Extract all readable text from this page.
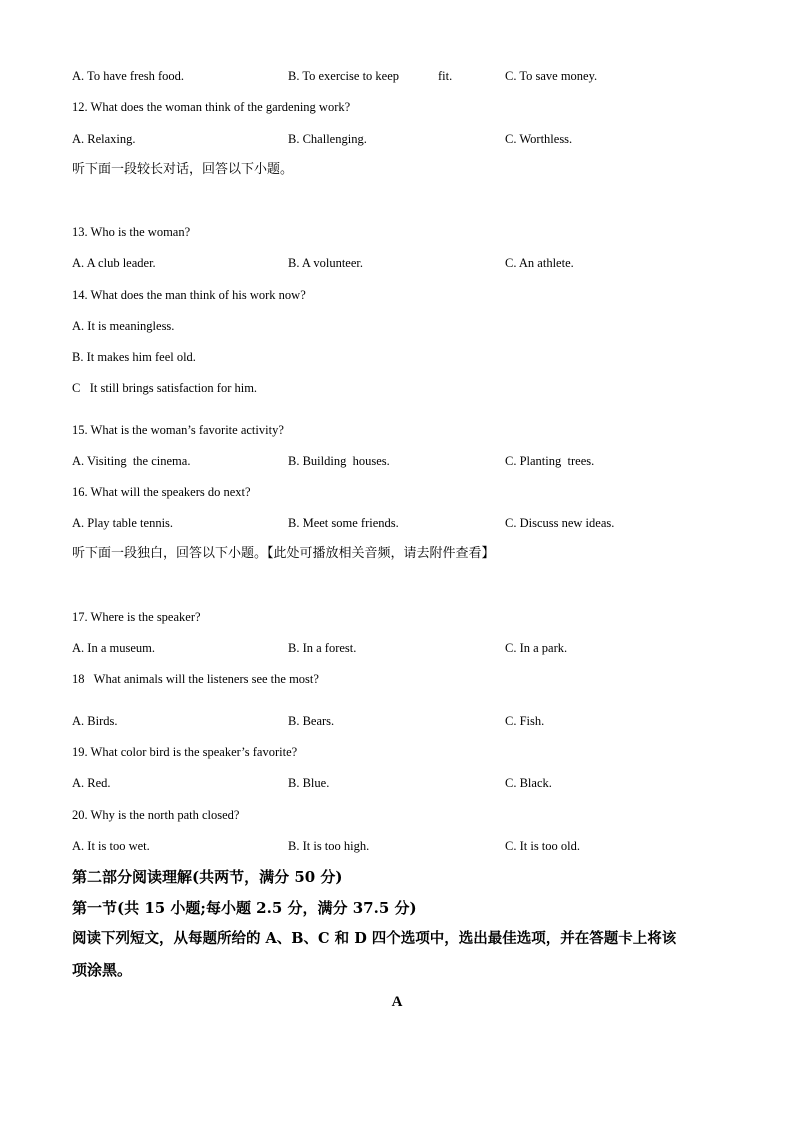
A. To have fresh food.	B. To exercise to keep	fit.	C. To save money.
12. What does the woman think of the gardening work?
A. Relaxing.	B. Challenging.	C. Worthless.
听下面一段较长对话，回答以下小题。
13. Who is the woman?
A. A club leader.	B. A volunteer.	C. An athlete.
14. What does the man think of his work now?
A. It is meaningless.
B. It makes him feel old.
C   It still brings satisfaction for him.
15. What is the woman’s favorite activity?
A. Visiting  the cinema.	B. Building  houses.	C. Planting  trees.
16. What will the speakers do next?
A. Play table tennis.	B. Meet some friends.	C. Discuss new ideas.
听下面一段独白，回答以下小题。【此处可播放相关音频，请去附件查看】
17. Where is the speaker?
A. In a museum.	B. In a forest.	C. In a park.
18   What animals will the listeners see the most?
A. Birds.	B. Bears.	C. Fish.
19. What color bird is the speaker’s favorite?
A. Red.	B. Blue.	C. Black.
20. Why is the north path closed?
A. It is too wet.	B. It is too high.	C. It is too old.
第二部分阅读理解(共两节，满分 50 分)
第一节(共 15 小题;每小题 2.5 分，满分 37.5 分)
阅读下列短文，从每题所给的 A、B、C 和 D 四个选项中，选出最佳选项，并在答题卡上将该
项涂黑。
A
